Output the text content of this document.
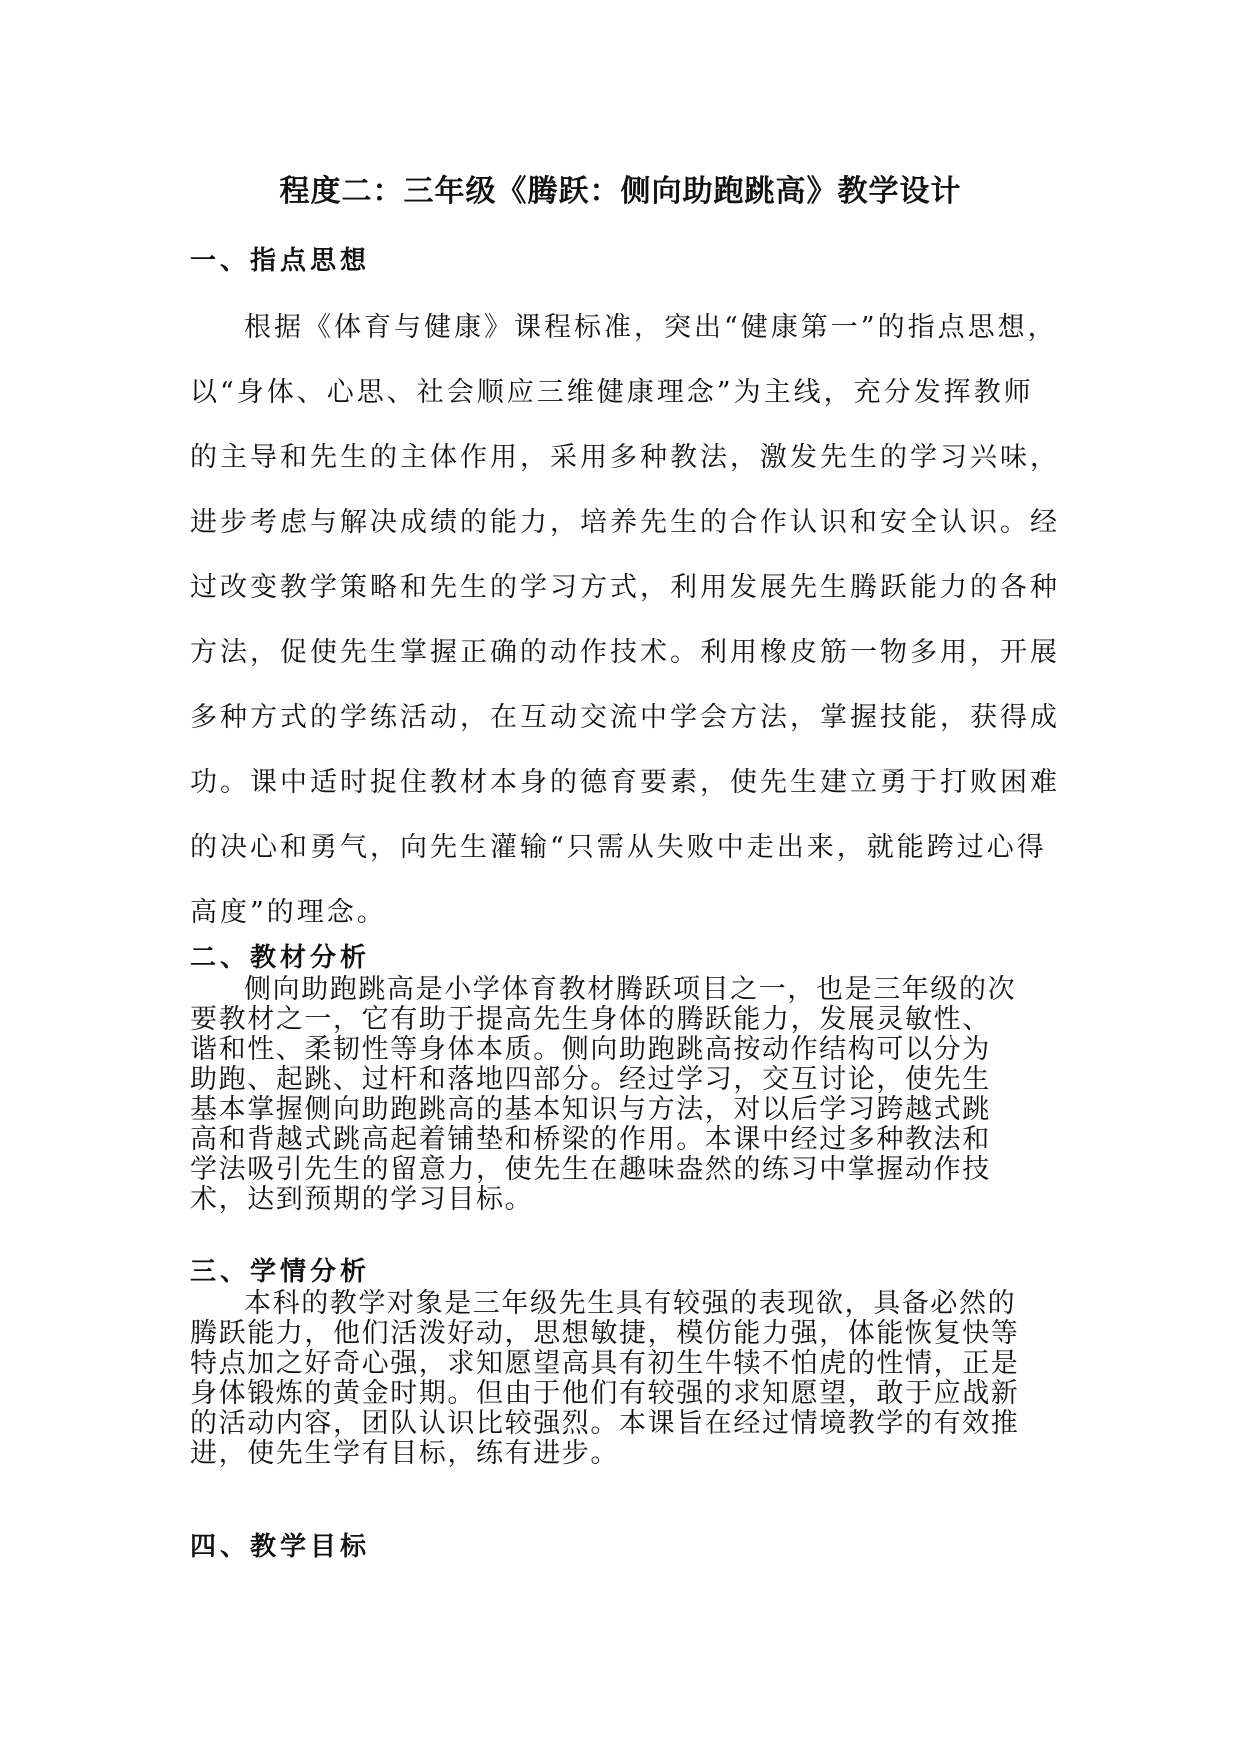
程度二：三年级《腾跃：侧向助跑跳高》教学设计
一、指点思想
根据《体育与健康》课程标准，突出“健康第一”的指点思想，
以“身体、心思、社会顺应三维健康理念”为主线，充分发挥教师
的主导和先生的主体作用，采用多种教法，激发先生的学习兴味，
进步考虑与解决成绩的能力，培养先生的合作认识和安全认识。经
过改变教学策略和先生的学习方式，利用发展先生腾跃能力的各种
方法，促使先生掌握正确的动作技术。利用橡皮筋一物多用，开展
多种方式的学练活动，在互动交流中学会方法，掌握技能，获得成
功。课中适时捉住教材本身的德育要素，使先生建立勇于打败困难
的决心和勇气，向先生灌输“只需从失败中走出来，就能跨过心得
高度”的理念。
二、教材分析
侧向助跑跳高是小学体育教材腾跃项目之一，也是三年级的次
要教材之一，它有助于提高先生身体的腾跃能力，发展灵敏性、
谐和性、柔韧性等身体本质。侧向助跑跳高按动作结构可以分为
助跑、起跳、过杆和落地四部分。经过学习，交互讨论，使先生
基本掌握侧向助跑跳高的基本知识与方法，对以后学习跨越式跳
高和背越式跳高起着铺垫和桥梁的作用。本课中经过多种教法和
学法吸引先生的留意力，使先生在趣味盎然的练习中掌握动作技
术，达到预期的学习目标。
三、学情分析
本科的教学对象是三年级先生具有较强的表现欲，具备必然的
腾跃能力，他们活泼好动，思想敏捷，模仿能力强，体能恢复快等
特点加之好奇心强，求知愿望高具有初生牛犊不怕虎的性情，正是
身体锻炼的黄金时期。但由于他们有较强的求知愿望，敢于应战新
的活动内容，团队认识比较强烈。本课旨在经过情境教学的有效推
进，使先生学有目标，练有进步。
四、教学目标
